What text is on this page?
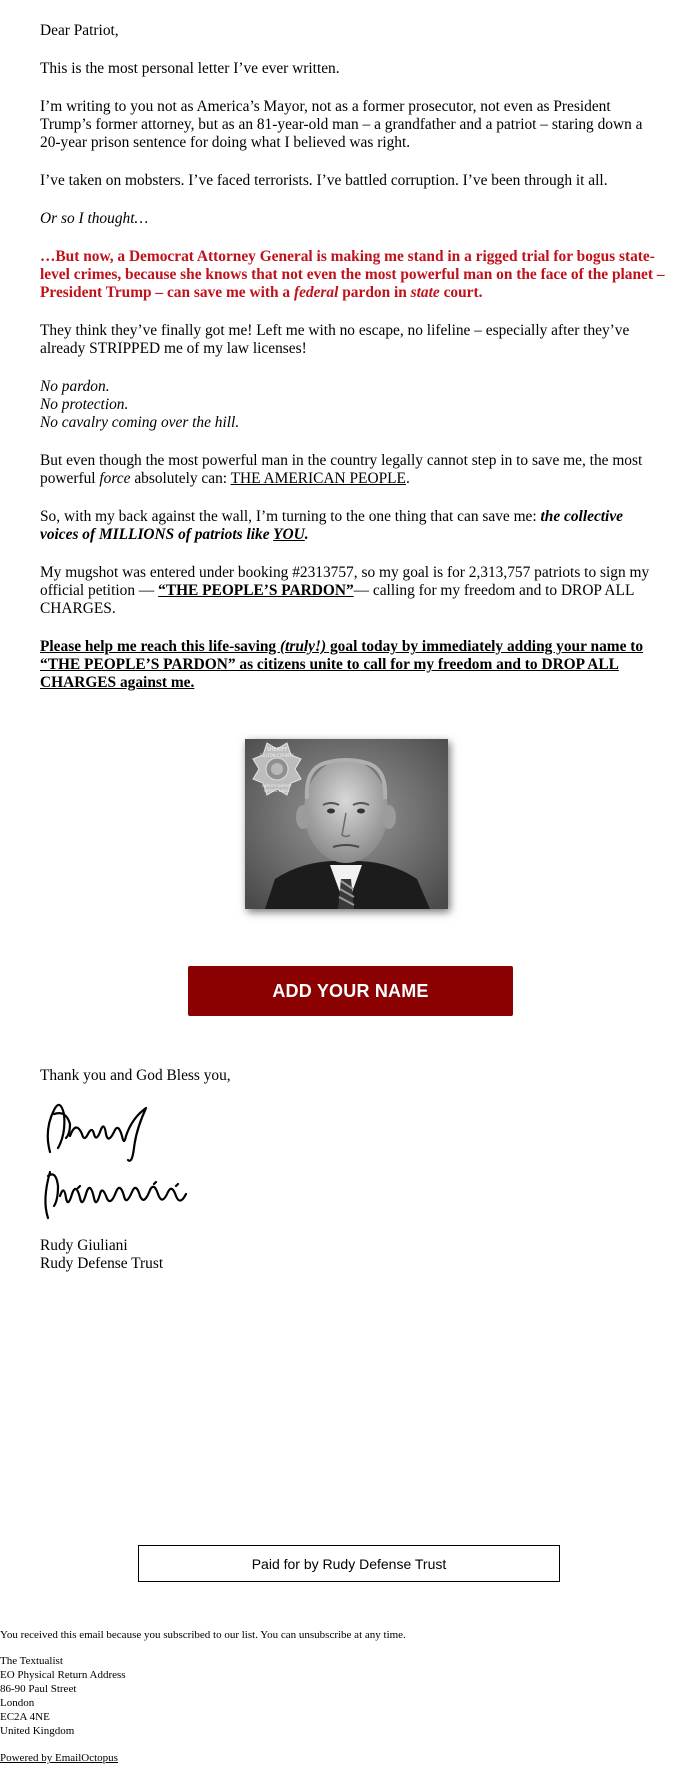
Dear Patriot,

This is the most personal letter I’ve ever written.

I’m writing to you not as America’s Mayor, not as a former prosecutor, not even as President Trump’s former attorney, but as an 81-year-old man – a grandfather and a patriot – staring down a 20-year prison sentence for doing what I believed was right.

I’ve taken on mobsters. I’ve faced terrorists. I’ve battled corruption. I’ve been through it all.

Or so I thought…

…But now, a Democrat Attorney General is making me stand in a rigged trial for bogus state-level crimes, because she knows that not even the most powerful man on the face of the planet – President Trump – can save me with a federal pardon in state court.

They think they’ve finally got me! Left me with no escape, no lifeline – especially after they’ve already STRIPPED me of my law licenses!

No pardon.
No protection.
No cavalry coming over the hill.

But even though the most powerful man in the country legally cannot step in to save me, the most powerful force absolutely can: THE AMERICAN PEOPLE.

So, with my back against the wall, I’m turning to the one thing that can save me: the collective voices of MILLIONS of patriots like YOU.

My mugshot was entered under booking #2313757, so my goal is for 2,313,757 patriots to sign my official petition — “THE PEOPLE’S PARDON”— calling for my freedom and to DROP ALL CHARGES.

Please help me reach this life-saving (truly!) goal today by immediately adding your name to “THE PEOPLE’S PARDON” as citizens unite to call for my freedom and to DROP ALL CHARGES against me.

SHERIFF
FULTON COUNTY
DEPUTY SHERIFF
PATROL LABEL
ADD YOUR NAME
Thank you and God Bless you,
Rudy Giuliani
Rudy Defense Trust
Paid for by Rudy Defense Trust
You received this email because you subscribed to our list. You can unsubscribe at any time.
The Textualist
EO Physical Return Address
86-90 Paul Street
London
EC2A 4NE
United Kingdom
Powered by EmailOctopus
